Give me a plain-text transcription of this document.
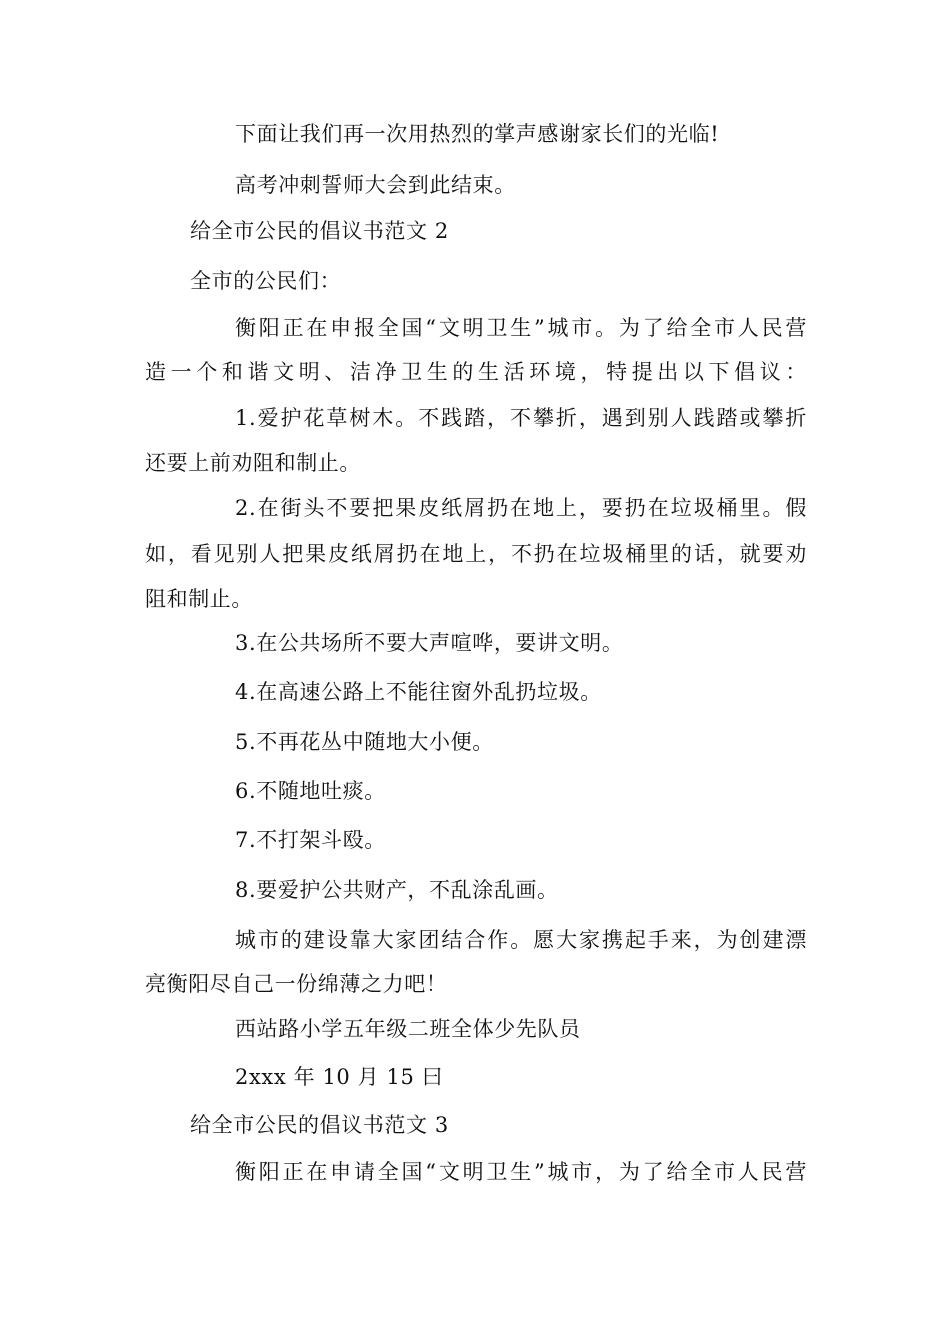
下面让我们再一次用热烈的掌声感谢家长们的光临!
高考冲刺誓师大会到此结束。
给全市公民的倡议书范文 2
全市的公民们：
衡阳正在申报全国“文明卫生”城市。为了给全市人民营
造一个和谐文明、洁净卫生的生活环境，特提出以下倡议：
1.爱护花草树木。不践踏，不攀折，遇到别人践踏或攀折
还要上前劝阻和制止。
2.在街头不要把果皮纸屑扔在地上，要扔在垃圾桶里。假
如，看见别人把果皮纸屑扔在地上，不扔在垃圾桶里的话，就要劝
阻和制止。
3.在公共场所不要大声喧哗，要讲文明。
4.在高速公路上不能往窗外乱扔垃圾。
5.不再花丛中随地大小便。
6.不随地吐痰。
7.不打架斗殴。
8.要爱护公共财产，不乱涂乱画。
城市的建设靠大家团结合作。愿大家携起手来，为创建漂
亮衡阳尽自己一份绵薄之力吧！
西站路小学五年级二班全体少先队员
2xxx 年 10 月 15 曰
给全市公民的倡议书范文 3
衡阳正在申请全国“文明卫生”城市，为了给全市人民营
